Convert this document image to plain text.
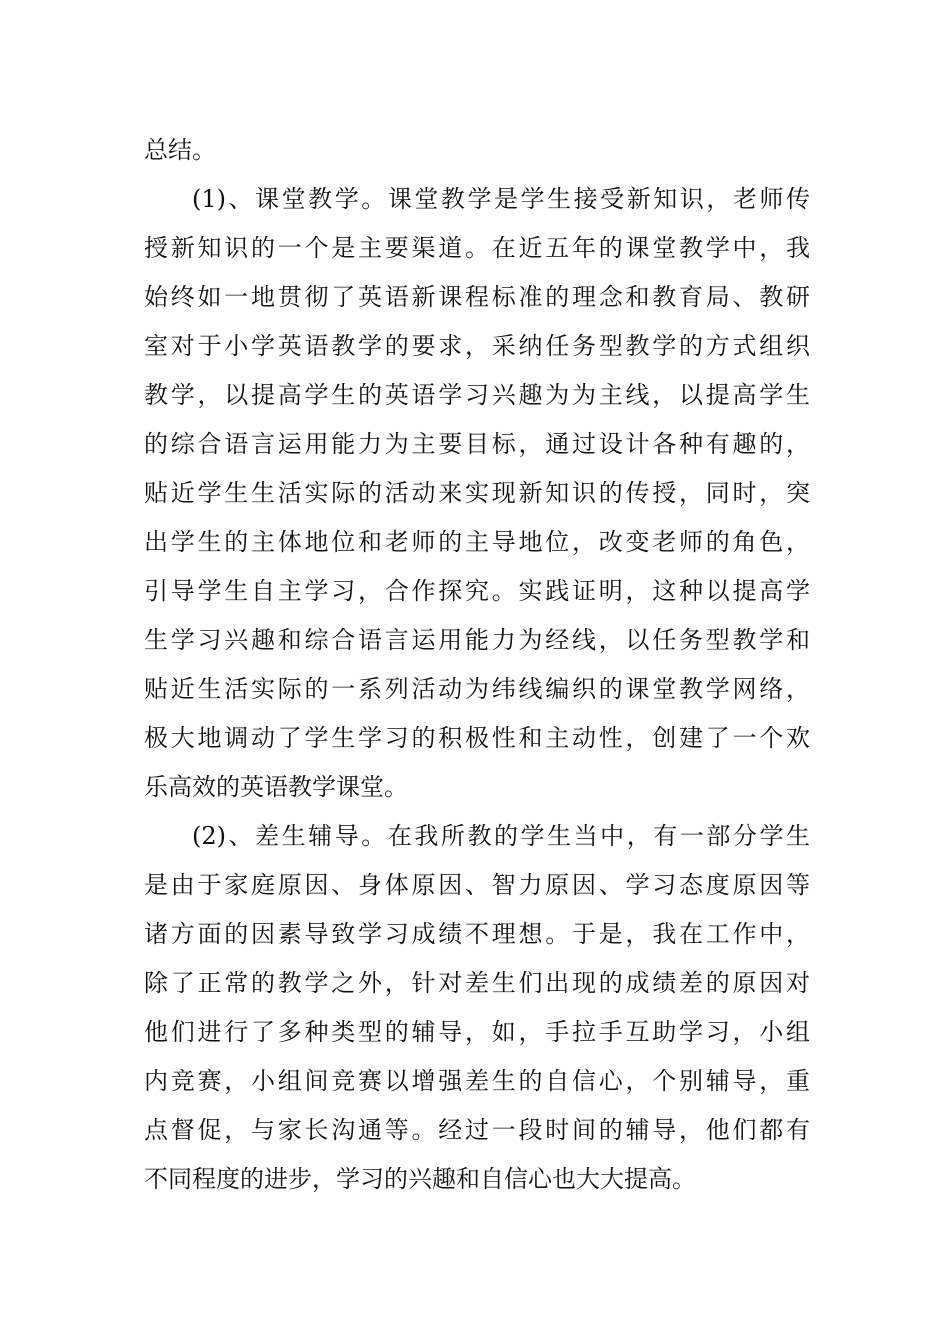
总结。
(1)、课堂教学。课堂教学是学生接受新知识，老师传
授新知识的一个是主要渠道。在近五年的课堂教学中，我
始终如一地贯彻了英语新课程标准的理念和教育局、教研
室对于小学英语教学的要求，采纳任务型教学的方式组织
教学，以提高学生的英语学习兴趣为为主线，以提高学生
的综合语言运用能力为主要目标，通过设计各种有趣的，
贴近学生生活实际的活动来实现新知识的传授，同时，突
出学生的主体地位和老师的主导地位，改变老师的角色，
引导学生自主学习，合作探究。实践证明，这种以提高学
生学习兴趣和综合语言运用能力为经线，以任务型教学和
贴近生活实际的一系列活动为纬线编织的课堂教学网络，
极大地调动了学生学习的积极性和主动性，创建了一个欢
乐高效的英语教学课堂。
(2)、差生辅导。在我所教的学生当中，有一部分学生
是由于家庭原因、身体原因、智力原因、学习态度原因等
诸方面的因素导致学习成绩不理想。于是，我在工作中，
除了正常的教学之外，针对差生们出现的成绩差的原因对
他们进行了多种类型的辅导，如，手拉手互助学习，小组
内竞赛，小组间竞赛以增强差生的自信心，个别辅导，重
点督促，与家长沟通等。经过一段时间的辅导，他们都有
不同程度的进步，学习的兴趣和自信心也大大提高。
